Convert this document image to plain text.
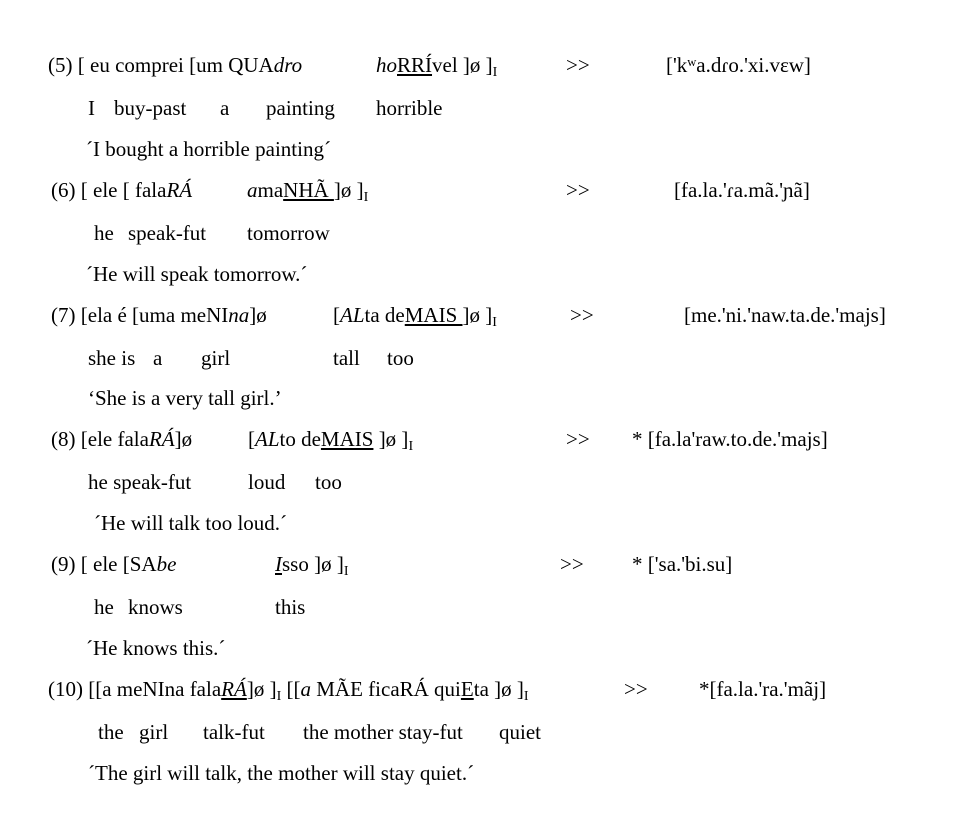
(5) [ eu comprei [um QUAdro	hoRRÍvel ]ø ]$_I$	>>	['kʷa.dɾo.'xi.vɛw]
I buy-past a painting horrible
´I bought a horrible painting´
(6) [ ele [ falaRÁ	amaNHÃ ]ø ]$_I$	>>	[fa.la.'ɾa.mã.'ɲã]
he speak-fut tomorrow
´He will speak tomorrow.´
(7) [ela é [uma meNIna]ø	[ALta deMAIS ]ø ]$_I$	>>	[me.'ni.'naw.ta.de.'majs]
she is a girl	tall too
‘She is a very tall girl.’
(8) [ele falaRÁ]ø	[ALto deMAIS ]ø ]$_I$	>> * [fa.la'raw.to.de.'majs]
he speak-fut	loud too
´He will talk too loud.´
(9) [ ele [SAbe	Isso ]ø ]$_I$	>> * ['sa.'bi.su]
he knows	this
´He knows this.´
(10) [[a meNIna falaRÁ]ø ]$_I$ [[a MÃE ficaRÁ quiEta ]ø ]$_I$	>> *[fa.la.'ra.'mãj]
the girl talk-fut the mother stay-fut quiet
´The girl will talk, the mother will stay quiet.´
